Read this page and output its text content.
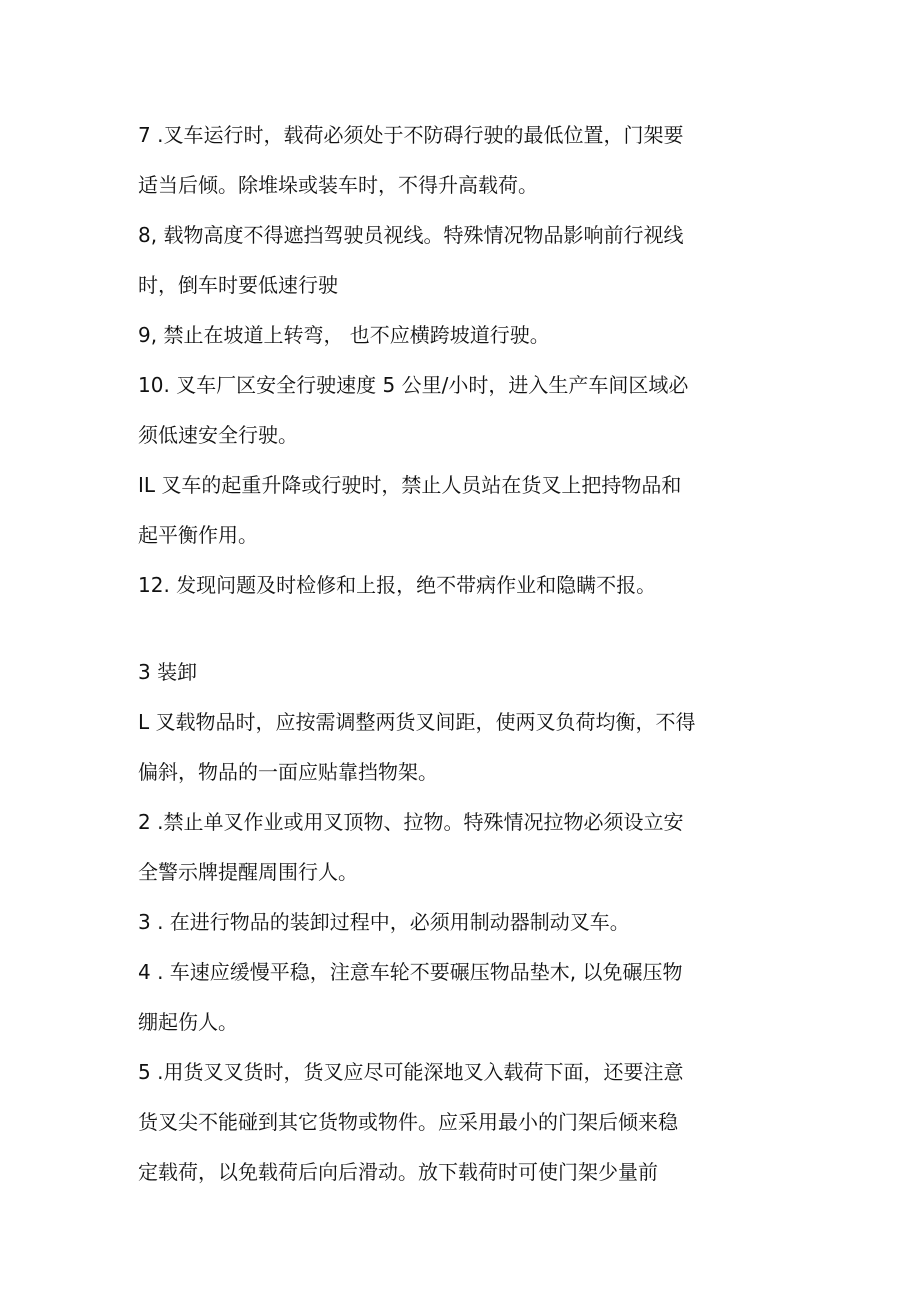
7 .叉车运行时，载荷必须处于不防碍行驶的最低位置，门架要
适当后倾。除堆垛或装车时，不得升高载荷。

8, 载物高度不得遮挡驾驶员视线。特殊情况物品影响前行视线
时，倒车时要低速行驶

9, 禁止在坡道上转弯， 也不应横跨坡道行驶。

10. 叉车厂区安全行驶速度 5 公里/小时，进入生产车间区域必
须低速安全行驶。

IL 叉车的起重升降或行驶时，禁止人员站在货叉上把持物品和
起平衡作用。

12. 发现问题及时检修和上报，绝不带病作业和隐瞒不报。

3 装卸

L 叉载物品时，应按需调整两货叉间距，使两叉负荷均衡，不得
偏斜，物品的一面应贴靠挡物架。

2 .禁止单叉作业或用叉顶物、拉物。特殊情况拉物必须设立安
全警示牌提醒周围行人。

3 . 在进行物品的装卸过程中，必须用制动器制动叉车。

4 . 车速应缓慢平稳，注意车轮不要碾压物品垫木, 以免碾压物
绷起伤人。

5 .用货叉叉货时，货叉应尽可能深地叉入载荷下面，还要注意
货叉尖不能碰到其它货物或物件。应采用最小的门架后倾来稳
定载荷，以免载荷后向后滑动。放下载荷时可使门架少量前
